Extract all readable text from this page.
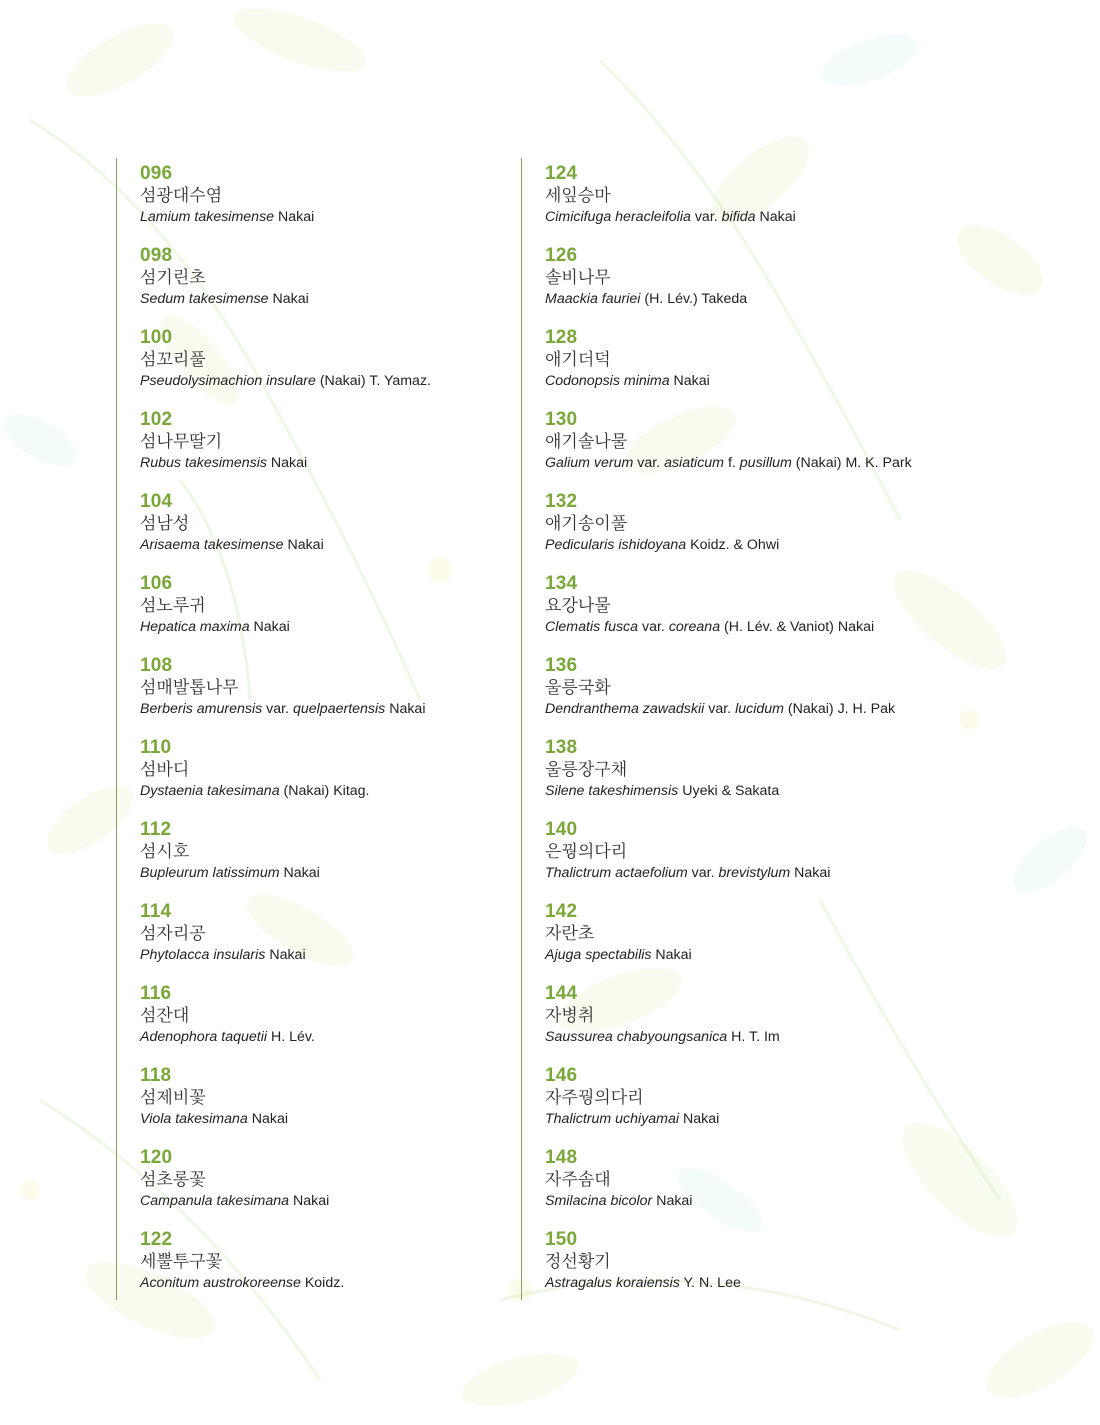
096
섬광대수염
Lamium takesimense Nakai
098
섬기린초
Sedum takesimense Nakai
100
섬꼬리풀
Pseudolysimachion insulare (Nakai) T. Yamaz.
102
섬나무딸기
Rubus takesimensis Nakai
104
섬남성
Arisaema takesimense Nakai
106
섬노루귀
Hepatica maxima Nakai
108
섬매발톱나무
Berberis amurensis var. quelpaertensis Nakai
110
섬바디
Dystaenia takesimana (Nakai) Kitag.
112
섬시호
Bupleurum latissimum Nakai
114
섬자리공
Phytolacca insularis Nakai
116
섬잔대
Adenophora taquetii H. Lév.
118
섬제비꽃
Viola takesimana Nakai
120
섬초롱꽃
Campanula takesimana Nakai
122
세뿔투구꽃
Aconitum austrokoreense Koidz.
124
세잎승마
Cimicifuga heracleifolia var. bifida Nakai
126
솔비나무
Maackia fauriei (H. Lév.) Takeda
128
애기더덕
Codonopsis minima Nakai
130
애기솔나물
Galium verum var. asiaticum f. pusillum (Nakai) M. K. Park
132
애기송이풀
Pedicularis ishidoyana Koidz. & Ohwi
134
요강나물
Clematis fusca var. coreana (H. Lév. & Vaniot) Nakai
136
울릉국화
Dendranthema zawadskii var. lucidum (Nakai) J. H. Pak
138
울릉장구채
Silene takeshimensis Uyeki & Sakata
140
은꿩의다리
Thalictrum actaefolium var. brevistylum Nakai
142
자란초
Ajuga spectabilis Nakai
144
자병취
Saussurea chabyoungsanica H. T. Im
146
자주꿩의다리
Thalictrum uchiyamai Nakai
148
자주솜대
Smilacina bicolor Nakai
150
정선황기
Astragalus koraiensis Y. N. Lee
